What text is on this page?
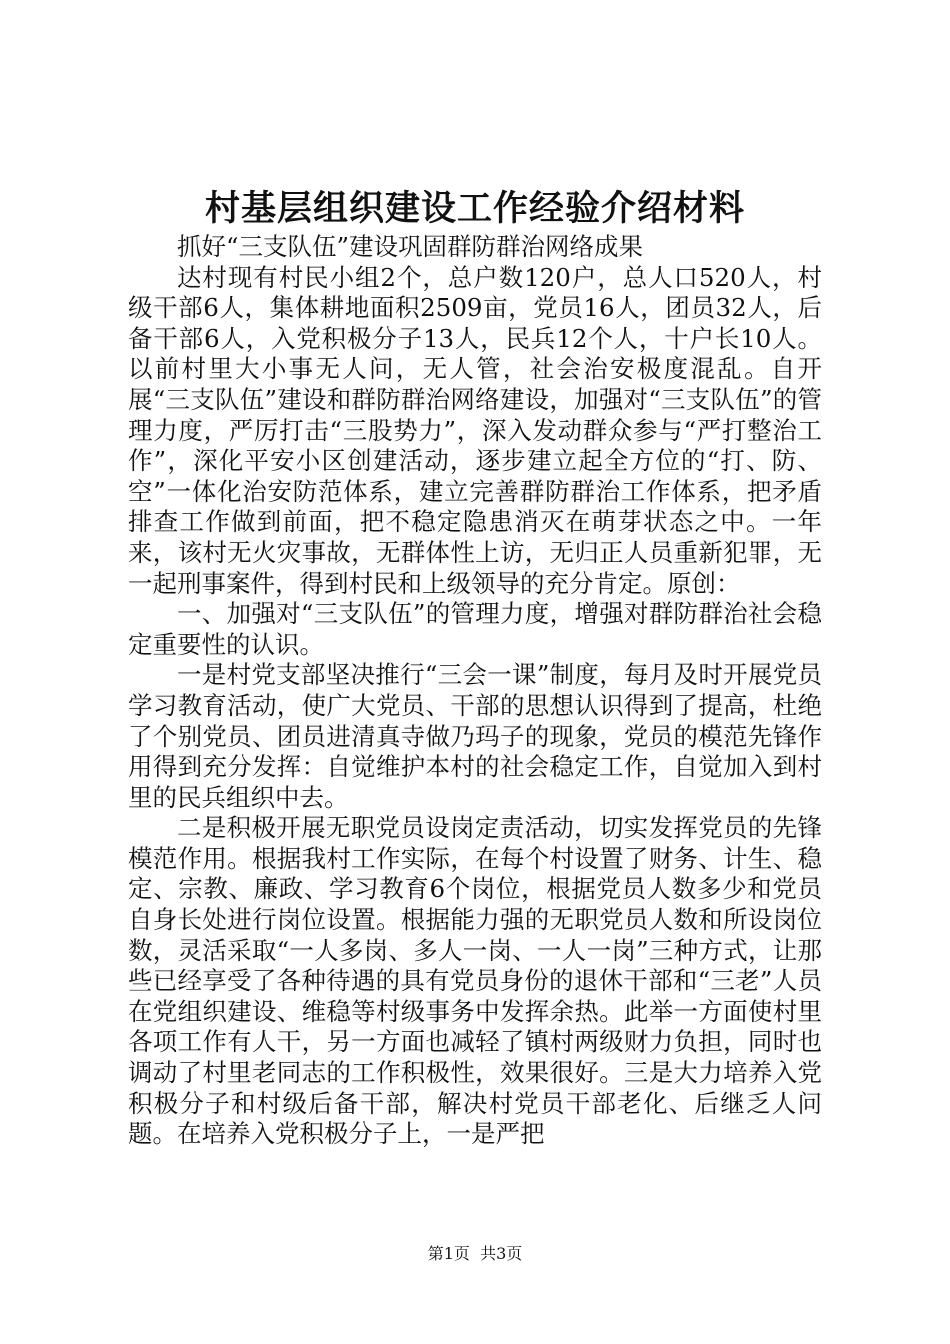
村基层组织建设工作经验介绍材料

抓好“三支队伍”建设巩固群防群治网络成果

达村现有村民小组2个，总户数120户，总人口520人，村级干部6人，集体耕地面积2509亩，党员16人，团员32人，后备干部6人，入党积极分子13人，民兵12个人，十户长10人。以前村里大小事无人问，无人管，社会治安极度混乱。自开展“三支队伍”建设和群防群治网络建设，加强对“三支队伍”的管理力度，严厉打击“三股势力”，深入发动群众参与“严打整治工作”，深化平安小区创建活动，逐步建立起全方位的“打、防、空”一体化治安防范体系，建立完善群防群治工作体系，把矛盾排查工作做到前面，把不稳定隐患消灭在萌芽状态之中。一年来，该村无火灾事故，无群体性上访，无归正人员重新犯罪，无一起刑事案件，得到村民和上级领导的充分肯定。原创：

一、加强对“三支队伍”的管理力度，增强对群防群治社会稳定重要性的认识。

一是村党支部坚决推行“三会一课”制度，每月及时开展党员学习教育活动，使广大党员、干部的思想认识得到了提高，杜绝了个别党员、团员进清真寺做乃玛子的现象，党员的模范先锋作用得到充分发挥：自觉维护本村的社会稳定工作，自觉加入到村里的民兵组织中去。

二是积极开展无职党员设岗定责活动，切实发挥党员的先锋模范作用。根据我村工作实际，在每个村设置了财务、计生、稳定、宗教、廉政、学习教育6个岗位，根据党员人数多少和党员自身长处进行岗位设置。根据能力强的无职党员人数和所设岗位数，灵活采取“一人多岗、多人一岗、一人一岗”三种方式，让那些已经享受了各种待遇的具有党员身份的退休干部和“三老”人员在党组织建设、维稳等村级事务中发挥余热。此举一方面使村里各项工作有人干，另一方面也减轻了镇村两级财力负担，同时也调动了村里老同志的工作积极性，效果很好。三是大力培养入党积极分子和村级后备干部，解决村党员干部老化、后继乏人问题。在培养入党积极分子上，一是严把

第1页 共3页
